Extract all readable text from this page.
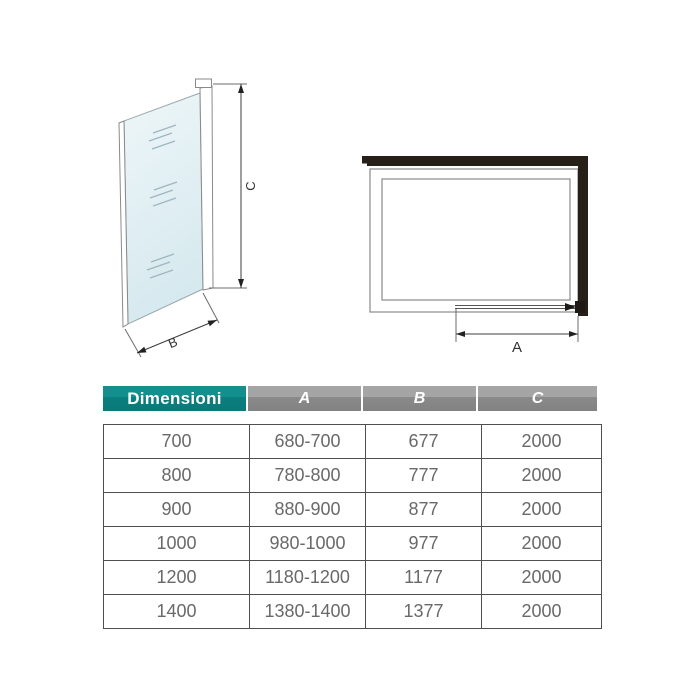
C
B	A
Dimensioni	A	B	C
700	680-700	677	2000
800	780-800	777	2000
900	880-900	877	2000
1000	980-1000	977	2000
1200	1180-1200	1177	2000
1400	1380-1400	1377	2000
